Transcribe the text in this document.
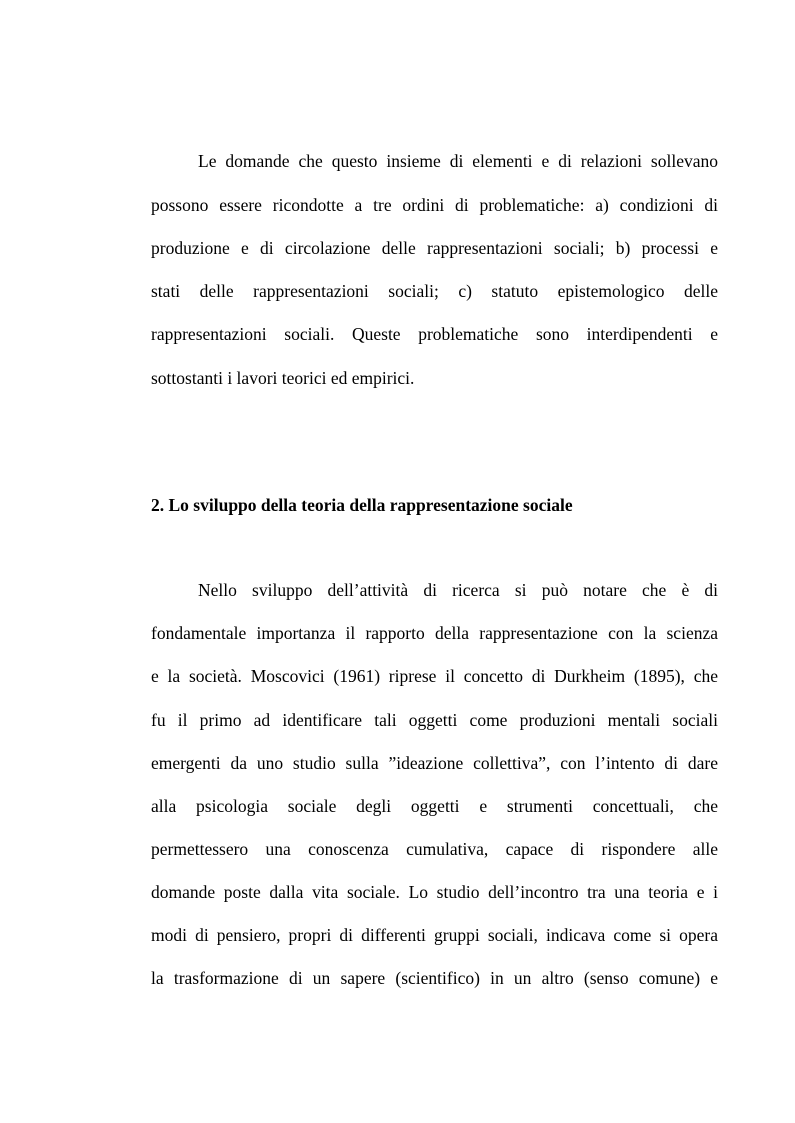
Le domande che questo insieme di elementi e di relazioni sollevano
possono essere ricondotte a tre ordini di problematiche: a) condizioni di
produzione e di circolazione delle rappresentazioni sociali; b) processi e
stati delle rappresentazioni sociali; c) statuto epistemologico delle
rappresentazioni sociali. Queste problematiche sono interdipendenti e
sottostanti i lavori teorici ed empirici.
2. Lo sviluppo della teoria della rappresentazione sociale
Nello sviluppo dell’attività di ricerca si può notare che è di
fondamentale importanza il rapporto della rappresentazione con la scienza
e la società. Moscovici (1961) riprese il concetto di Durkheim (1895), che
fu il primo ad identificare tali oggetti come produzioni mentali sociali
emergenti da uno studio sulla ”ideazione collettiva”, con l’intento di dare
alla psicologia sociale degli oggetti e strumenti concettuali, che
permettessero una conoscenza cumulativa, capace di rispondere alle
domande poste dalla vita sociale. Lo studio dell’incontro tra una teoria e i
modi di pensiero, propri di differenti gruppi sociali, indicava come si opera
la trasformazione di un sapere (scientifico) in un altro (senso comune) e
